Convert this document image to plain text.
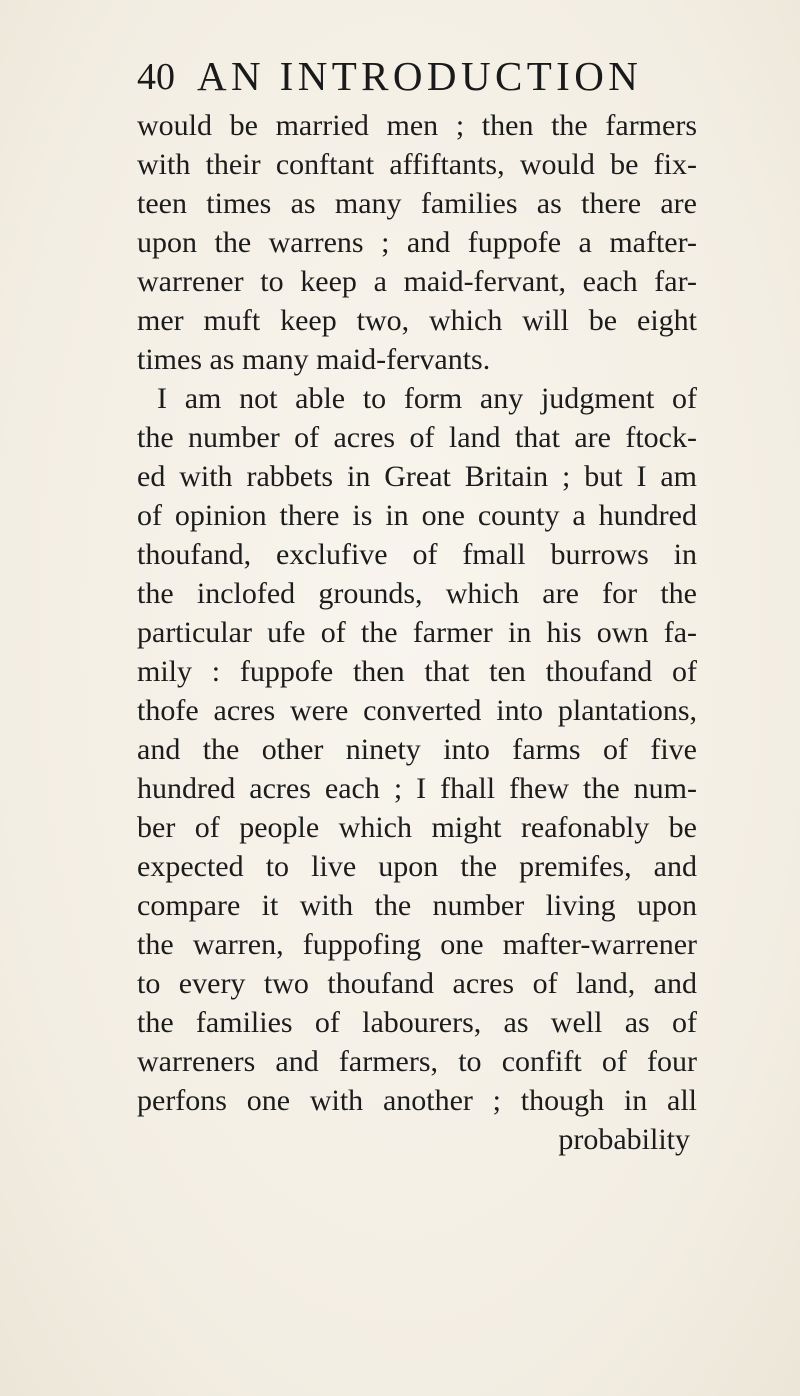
40 AN INTRODUCTION
would be married men ; then the farmers
with their conftant affiftants, would be fix-
teen times as many families as there are
upon the warrens ; and fuppofe a mafter-
warrener to keep a maid-fervant, each far-
mer muft keep two, which will be eight
times as many maid-fervants.
I am not able to form any judgment of
the number of acres of land that are ftock-
ed with rabbets in Great Britain ; but I am
of opinion there is in one county a hundred
thoufand, exclufive of fmall burrows in
the inclofed grounds, which are for the
particular ufe of the farmer in his own fa-
mily : fuppofe then that ten thoufand of
thofe acres were converted into plantations,
and the other ninety into farms of five
hundred acres each ; I fhall fhew the num-
ber of people which might reafonably be
expected to live upon the premifes, and
compare it with the number living upon
the warren, fuppofing one mafter-warrener
to every two thoufand acres of land, and
the families of labourers, as well as of
warreners and farmers, to confift of four
perfons one with another ; though in all
probability
